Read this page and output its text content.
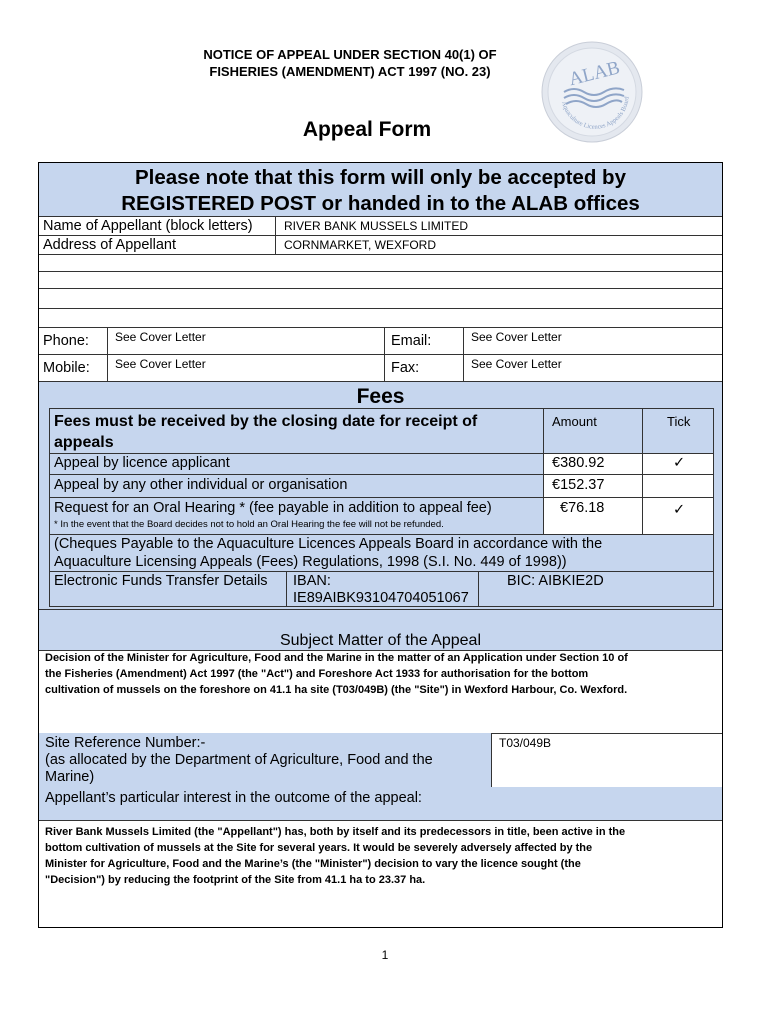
NOTICE OF APPEAL UNDER SECTION 40(1) OF
FISHERIES (AMENDMENT) ACT 1997 (NO. 23)	ALAB
Aquaculture Licences Appeals Board
Appeal Form
Please note that this form will only be accepted by
REGISTERED POST or handed in to the ALAB offices
Name of Appellant (block letters)	RIVER BANK MUSSELS LIMITED
Address of Appellant	CORNMARKET, WEXFORD
Phone: See Cover Letter	Email:	See Cover Letter
Mobile: See Cover Letter	Fax:	See Cover Letter
Fees
Fees must be received by the closing date for receipt of
appeals
Amount	Tick
Appeal by licence applicant	€380.92	✓
Appeal by any other individual or organisation	€152.37
Request for an Oral Hearing * (fee payable in addition to appeal fee)
* In the event that the Board decides not to hold an Oral Hearing the fee will not be refunded.
€76.18	✓
(Cheques Payable to the Aquaculture Licences Appeals Board in accordance with the
Aquaculture Licensing Appeals (Fees) Regulations, 1998 (S.I. No. 449 of 1998))
Electronic Funds Transfer Details IBAN:
IE89AIBK93104704051067
BIC: AIBKIE2D
Subject Matter of the Appeal
Decision of the Minister for Agriculture, Food and the Marine in the matter of an Application under Section 10 of
the Fisheries (Amendment) Act 1997 (the "Act") and Foreshore Act 1933 for authorisation for the bottom
cultivation of mussels on the foreshore on 41.1 ha site (T03/049B) (the "Site") in Wexford Harbour, Co. Wexford.
Site Reference Number:-
(as allocated by the Department of Agriculture, Food and the
Marine)
T03/049B
Appellant’s particular interest in the outcome of the appeal:
River Bank Mussels Limited (the "Appellant") has, both by itself and its predecessors in title, been active in the
bottom cultivation of mussels at the Site for several years. It would be severely adversely affected by the
Minister for Agriculture, Food and the Marine’s (the "Minister") decision to vary the licence sought (the
"Decision") by reducing the footprint of the Site from 41.1 ha to 23.37 ha.
1
